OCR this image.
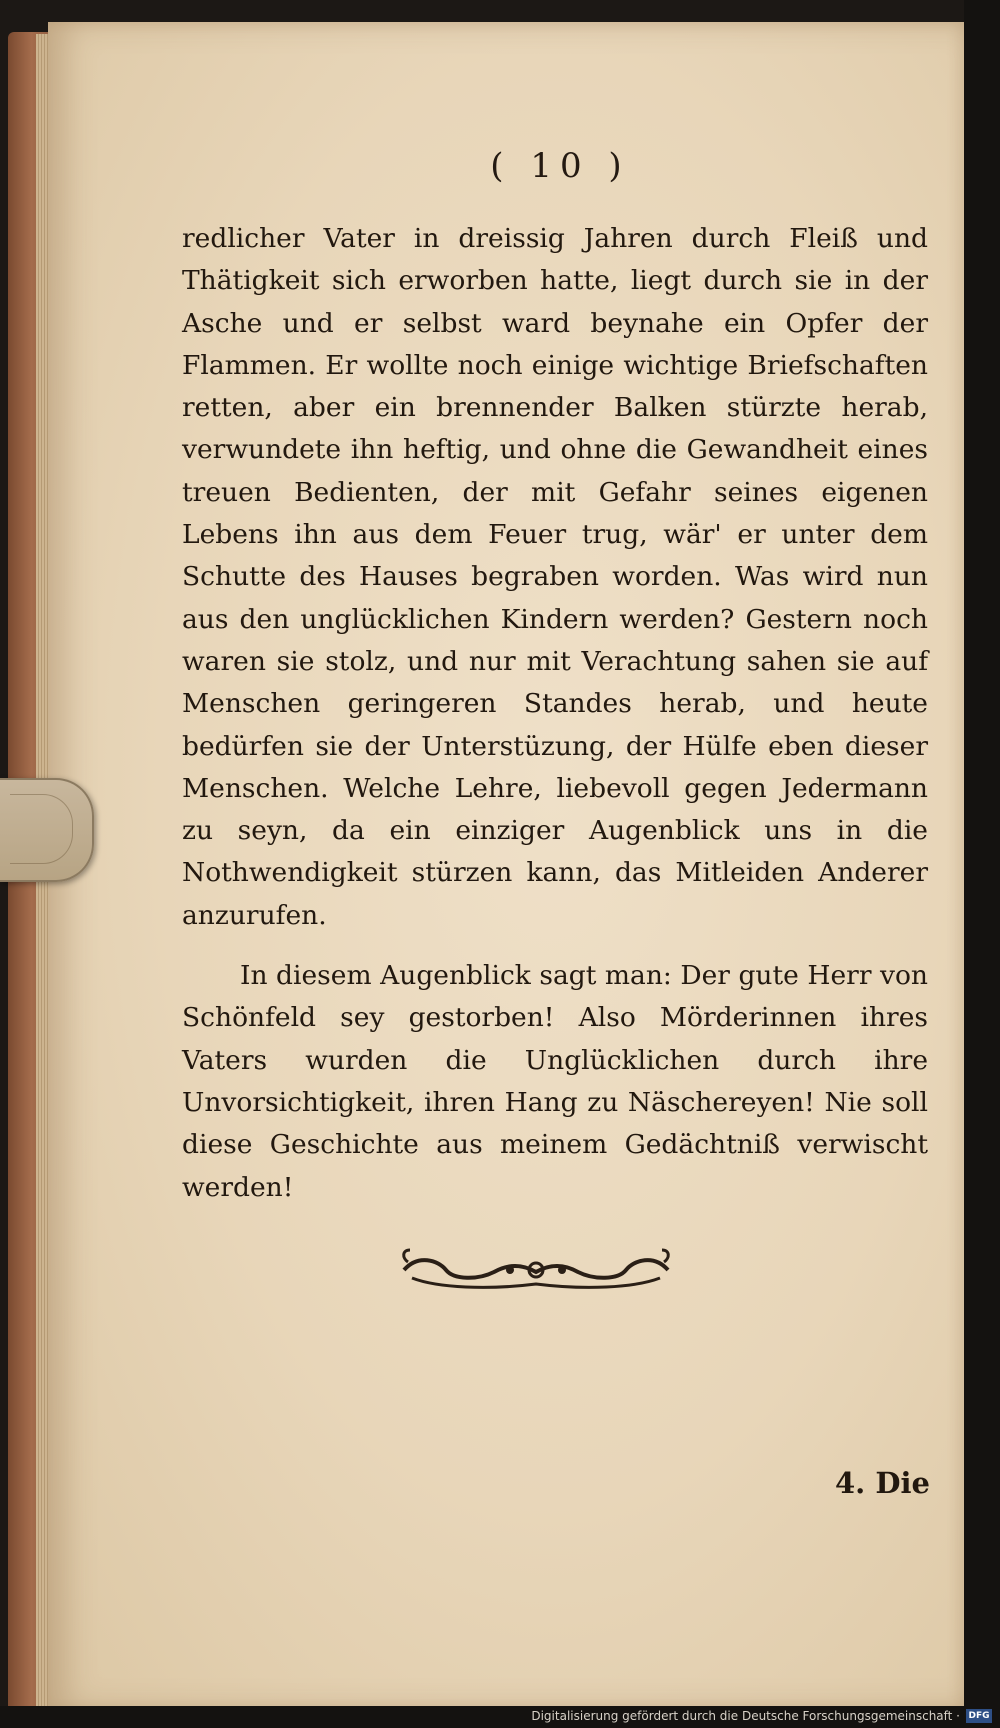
( 10 )

redlicher Vater in dreissig Jahren durch Fleiß und Thätigkeit sich erworben hatte, liegt durch sie in der Asche und er selbst ward beynahe ein Opfer der Flammen. Er wollte noch einige wichtige Briefschaften retten, aber ein brennender Balken stürzte herab, verwundete ihn heftig, und ohne die Gewandheit eines treuen Bedienten, der mit Gefahr seines eigenen Lebens ihn aus dem Feuer trug, wär' er unter dem Schutte des Hauses begraben worden. Was wird nun aus den unglücklichen Kindern werden? Gestern noch waren sie stolz, und nur mit Verachtung sahen sie auf Menschen geringeren Standes herab, und heute bedürfen sie der Unterstüzung, der Hülfe eben dieser Menschen. Welche Lehre, liebevoll gegen Jedermann zu seyn, da ein einziger Augenblick uns in die Nothwendigkeit stürzen kann, das Mitleiden Anderer anzurufen.

In diesem Augenblick sagt man: Der gute Herr von Schönfeld sey gestorben! Also Mörderinnen ihres Vaters wurden die Unglücklichen durch ihre Unvorsichtigkeit, ihren Hang zu Näschereyen! Nie soll diese Geschichte aus meinem Gedächtniß verwischt werden!

4. Die
Digitalisierung gefördert durch die Deutsche Forschungsgemeinschaft · DFG
